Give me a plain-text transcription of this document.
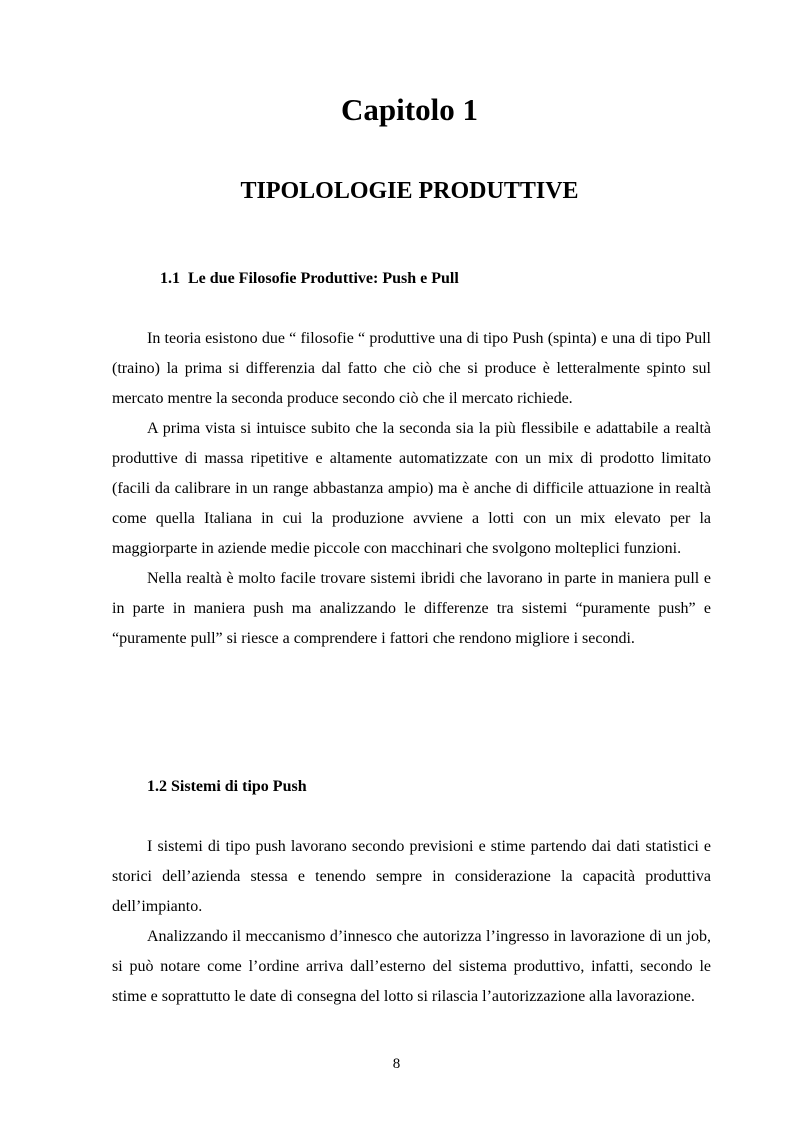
Capitolo 1
TIPOLOLOGIE PRODUTTIVE
1.1 Le due Filosofie Produttive: Push e Pull

In teoria esistono due “ filosofie “ produttive una di tipo Push (spinta) e una di tipo Pull (traino) la prima si differenzia dal fatto che ciò che si produce è letteralmente spinto sul mercato mentre la seconda produce secondo ciò che il mercato richiede.

A prima vista si intuisce subito che la seconda sia la più flessibile e adattabile a realtà produttive di massa ripetitive e altamente automatizzate con un mix di prodotto limitato (facili da calibrare in un range abbastanza ampio) ma è anche di difficile attuazione in realtà come quella Italiana in cui la produzione avviene a lotti con un mix elevato per la maggiorparte in aziende medie piccole con macchinari che svolgono molteplici funzioni.

Nella realtà è molto facile trovare sistemi ibridi che lavorano in parte in maniera pull e in parte in maniera push ma analizzando le differenze tra sistemi “puramente push” e “puramente pull” si riesce a comprendere i fattori che rendono migliore i secondi.

1.2 Sistemi di tipo Push

I sistemi di tipo push lavorano secondo previsioni e stime partendo dai dati statistici e storici dell’azienda stessa e tenendo sempre in considerazione la capacità produttiva dell’impianto.

Analizzando il meccanismo d’innesco che autorizza l’ingresso in lavorazione di un job, si può notare come l’ordine arriva dall’esterno del sistema produttivo, infatti, secondo le stime e soprattutto le date di consegna del lotto si rilascia l’autorizzazione alla lavorazione.

8
